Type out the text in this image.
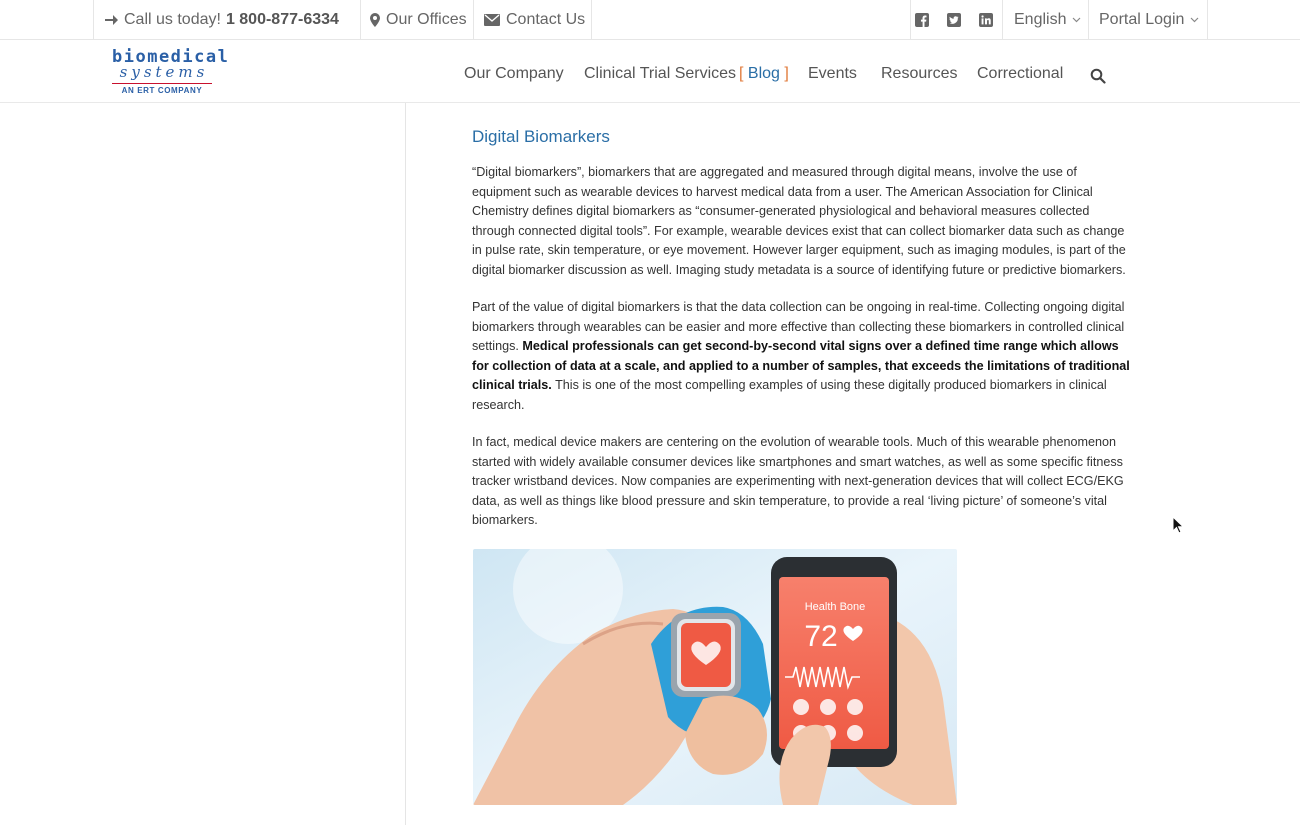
Call us today! 1 800-877-6334	Our Offices Contact Us	English Portal Login
biomedical
systems
AN ERT COMPANY
Our Company Clinical Trial Services [ Blog ] Events Resources Correctional
Digital Biomarkers

“Digital biomarkers”, biomarkers that are aggregated and measured through digital means, involve the use of equipment such as wearable devices to harvest medical data from a user. The American Association for Clinical Chemistry defines digital biomarkers as “consumer-generated physiological and behavioral measures collected through connected digital tools”. For example, wearable devices exist that can collect biomarker data such as change in pulse rate, skin temperature, or eye movement. However larger equipment, such as imaging modules, is part of the digital biomarker discussion as well. Imaging study metadata is a source of identifying future or predictive biomarkers.

Part of the value of digital biomarkers is that the data collection can be ongoing in real-time. Collecting ongoing digital biomarkers through wearables can be easier and more effective than collecting these biomarkers in controlled clinical settings. Medical professionals can get second-by-second vital signs over a defined time range which allows for collection of data at a scale, and applied to a number of samples, that exceeds the limitations of traditional clinical trials. This is one of the most compelling examples of using these digitally produced biomarkers in clinical research.

In fact, medical device makers are centering on the evolution of wearable tools. Much of this wearable phenomenon started with widely available consumer devices like smartphones and smart watches, as well as some specific fitness tracker wristband devices. Now companies are experimenting with next-generation devices that will collect ECG/EKG data, as well as things like blood pressure and skin temperature, to provide a real ‘living picture’ of someone’s vital biomarkers.

Health Bone
72
